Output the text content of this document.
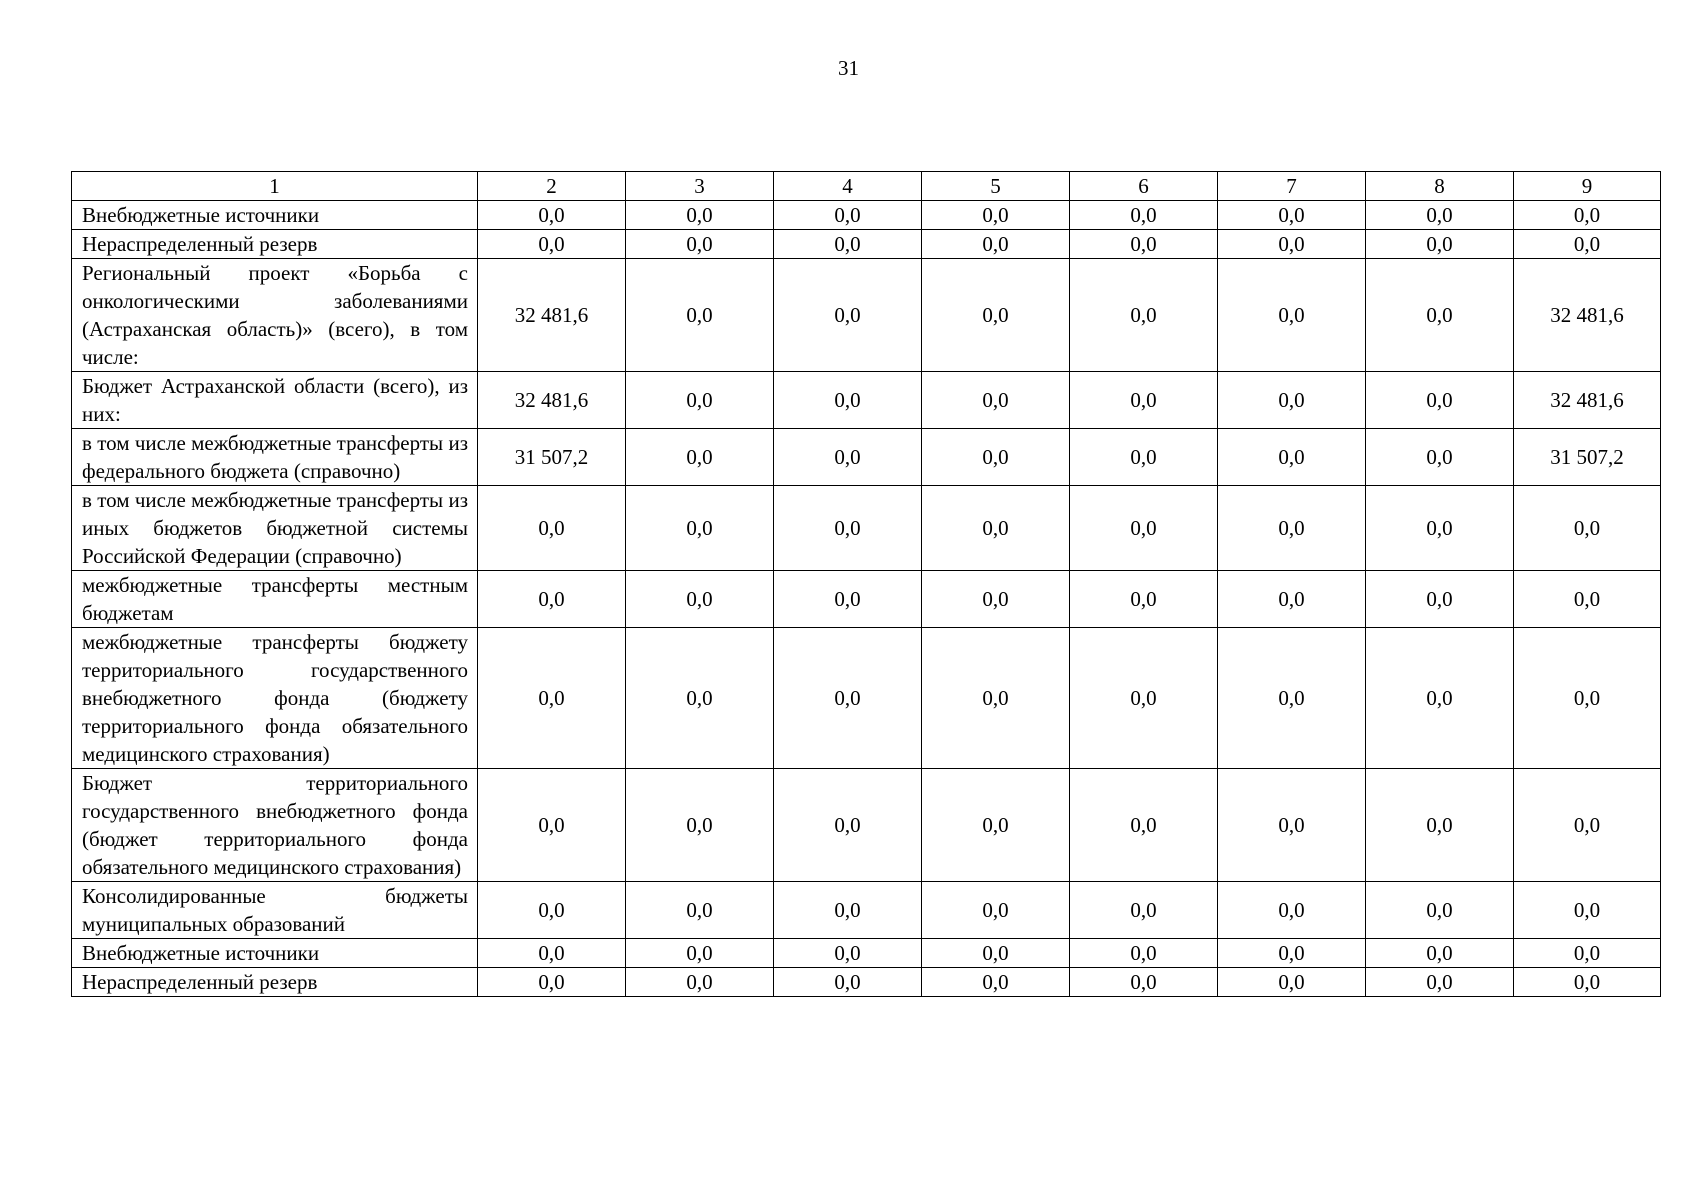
31
1	2	3	4	5	6	7	8	9
Внебюджетные источники	0,0	0,0	0,0	0,0	0,0	0,0	0,0	0,0
Нераспределенный резерв	0,0	0,0	0,0	0,0	0,0	0,0	0,0	0,0
Региональный проект «Борьба с онкологическими заболеваниями (Астраханская область)» (всего), в том числе:	32 481,6	0,0	0,0	0,0	0,0	0,0	0,0	32 481,6
Бюджет Астраханской области (всего), из них:	32 481,6	0,0	0,0	0,0	0,0	0,0	0,0	32 481,6
в том числе межбюджетные трансферты из федерального бюджета (справочно)	31 507,2	0,0	0,0	0,0	0,0	0,0	0,0	31 507,2
в том числе межбюджетные трансферты из иных бюджетов бюджетной системы Российской Федерации (справочно)	0,0	0,0	0,0	0,0	0,0	0,0	0,0	0,0
межбюджетные трансферты местным бюджетам	0,0	0,0	0,0	0,0	0,0	0,0	0,0	0,0
межбюджетные трансферты бюджету территориального государственного внебюджетного фонда (бюджету территориального фонда обязательного медицинского страхования)	0,0	0,0	0,0	0,0	0,0	0,0	0,0	0,0
Бюджет территориального государственного внебюджетного фонда (бюджет территориального фонда обязательного медицинского страхования)	0,0	0,0	0,0	0,0	0,0	0,0	0,0	0,0
Консолидированные бюджеты муниципальных образований	0,0	0,0	0,0	0,0	0,0	0,0	0,0	0,0
Внебюджетные источники	0,0	0,0	0,0	0,0	0,0	0,0	0,0	0,0
Нераспределенный резерв	0,0	0,0	0,0	0,0	0,0	0,0	0,0	0,0
